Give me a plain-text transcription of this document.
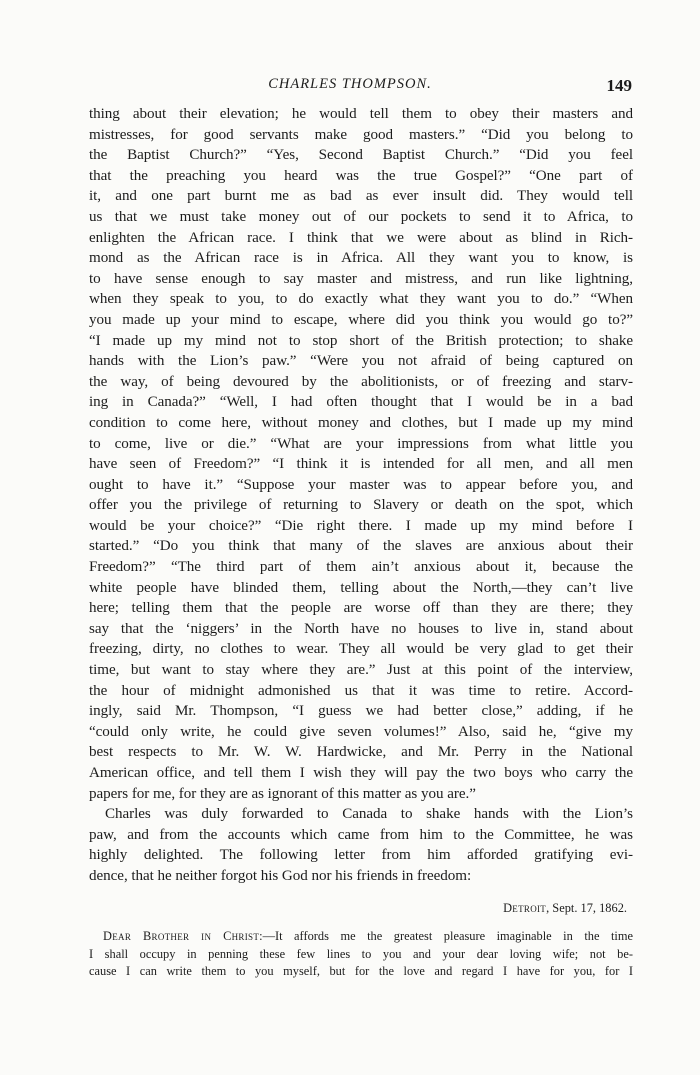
CHARLES THOMPSON.	149
thing about their elevation; he would tell them to obey their masters and
mistresses, for good servants make good masters.” “Did you belong to
the Baptist Church?” “Yes, Second Baptist Church.” “Did you feel
that the preaching you heard was the true Gospel?” “One part of
it, and one part burnt me as bad as ever insult did. They would tell
us that we must take money out of our pockets to send it to Africa, to
enlighten the African race. I think that we were about as blind in Rich-
mond as the African race is in Africa. All they want you to know, is
to have sense enough to say master and mistress, and run like lightning,
when they speak to you, to do exactly what they want you to do.” “When
you made up your mind to escape, where did you think you would go to?”
“I made up my mind not to stop short of the British protection; to shake
hands with the Lion’s paw.” “Were you not afraid of being captured on
the way, of being devoured by the abolitionists, or of freezing and starv-
ing in Canada?” “Well, I had often thought that I would be in a bad
condition to come here, without money and clothes, but I made up my mind
to come, live or die.” “What are your impressions from what little you
have seen of Freedom?” “I think it is intended for all men, and all men
ought to have it.” “Suppose your master was to appear before you, and
offer you the privilege of returning to Slavery or death on the spot, which
would be your choice?” “Die right there. I made up my mind before I
started.” “Do you think that many of the slaves are anxious about their
Freedom?” “The third part of them ain’t anxious about it, because the
white people have blinded them, telling about the North,—they can’t live
here; telling them that the people are worse off than they are there; they
say that the ‘niggers’ in the North have no houses to live in, stand about
freezing, dirty, no clothes to wear. They all would be very glad to get their
time, but want to stay where they are.” Just at this point of the interview,
the hour of midnight admonished us that it was time to retire. Accord-
ingly, said Mr. Thompson, “I guess we had better close,” adding, if he
“could only write, he could give seven volumes!” Also, said he, “give my
best respects to Mr. W. W. Hardwicke, and Mr. Perry in the National
American office, and tell them I wish they will pay the two boys who carry the
papers for me, for they are as ignorant of this matter as you are.”
Charles was duly forwarded to Canada to shake hands with the Lion’s
paw, and from the accounts which came from him to the Committee, he was
highly delighted. The following letter from him afforded gratifying evi-
dence, that he neither forgot his God nor his friends in freedom:
Detroit, Sept. 17, 1862.
Dear Brother in Christ:—It affords me the greatest pleasure imaginable in the time
I shall occupy in penning these few lines to you and your dear loving wife; not be-
cause I can write them to you myself, but for the love and regard I have for you, for I
